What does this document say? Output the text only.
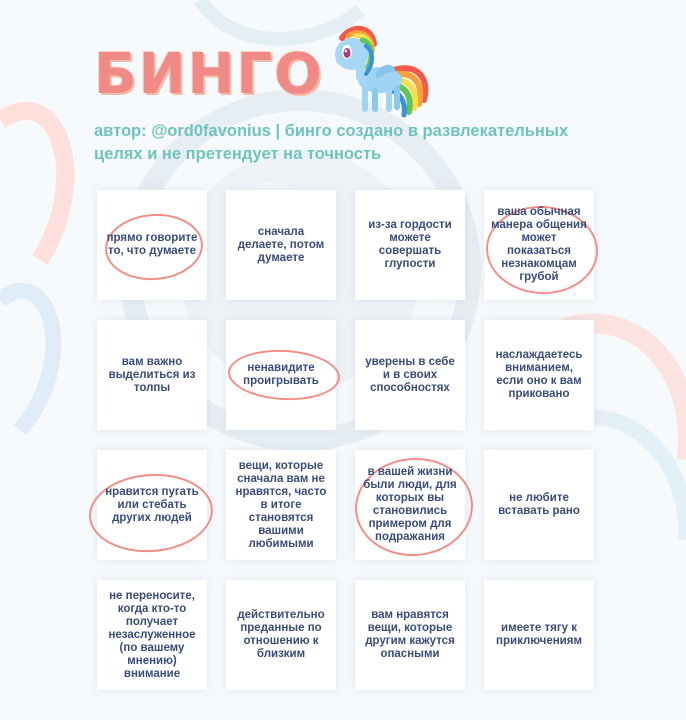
БИНГО
автор: @ord0favonius | бинго создано в развлекательных целях и не претендует на точность
прямо говорите то, что думаете
сначала делаете, потом думаете
из-за гордости можете совершать глупости
ваша обычная манера общения может показаться незнакомцам грубой
вам важно выделиться из толпы
ненавидите проигрывать
уверены в себе и в своих способностях
наслаждаетесь вниманием, если оно к вам приковано
нравится пугать или стебать других людей
вещи, которые сначала вам не нравятся, часто в итоге становятся вашими любимыми
в вашей жизни были люди, для которых вы становились примером для подражания
не любите вставать рано
не переносите, когда кто-то получает незаслуженное (по вашему мнению) внимание
действительно преданные по отношению к близким
вам нравятся вещи, которые другим кажутся опасными
имеете тягу к приключениям
